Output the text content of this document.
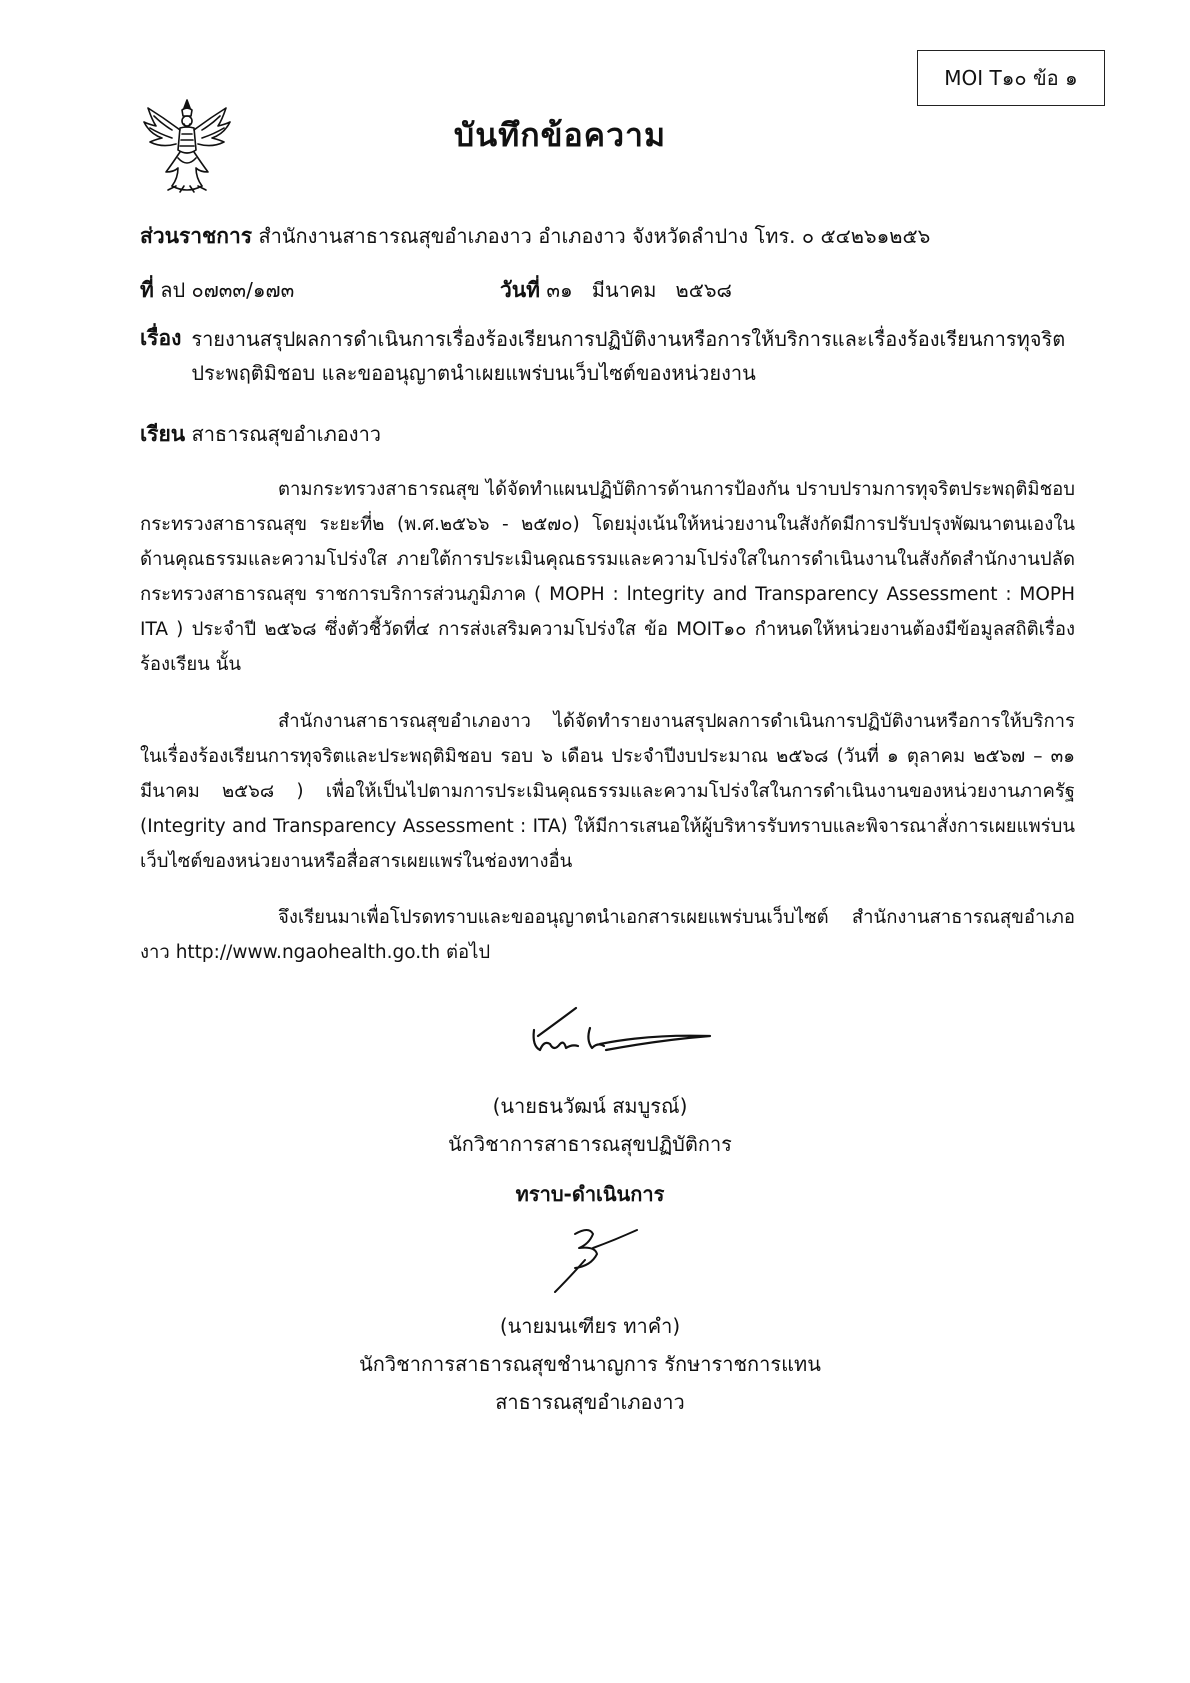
MOI T๑๐ ข้อ ๑
บันทึกข้อความ
ส่วนราชการ สำนักงานสาธารณสุขอำเภองาว อำเภองาว จังหวัดลำปาง โทร. ๐ ๕๔๒๖๑๒๕๖
ที่ ลป ๐๗๓๓/๑๗๓	วันที่ ๓๑   มีนาคม   ๒๕๖๘
เรื่อง รายงานสรุปผลการดำเนินการเรื่องร้องเรียนการปฏิบัติงานหรือการให้บริการและเรื่องร้องเรียนการทุจริตประพฤติมิชอบ และขออนุญาตนำเผยแพร่บนเว็บไซต์ของหน่วยงาน
เรียน สาธารณสุขอำเภองาว

ตามกระทรวงสาธารณสุข ได้จัดทำแผนปฏิบัติการด้านการป้องกัน ปราบปรามการทุจริตประพฤติมิชอบ กระทรวงสาธารณสุข ระยะที่๒ (พ.ศ.๒๕๖๖ - ๒๕๗๐) โดยมุ่งเน้นให้หน่วยงานในสังกัดมีการปรับปรุงพัฒนาตนเองในด้านคุณธรรมและความโปร่งใส ภายใต้การประเมินคุณธรรมและความโปร่งใสในการดำเนินงานในสังกัดสำนักงานปลัดกระทรวงสาธารณสุข ราชการบริการส่วนภูมิภาค ( MOPH : lntegrity and Transparency Assessment : MOPH ITA ) ประจำปี ๒๕๖๘ ซึ่งตัวชี้วัดที่๔ การส่งเสริมความโปร่งใส ข้อ MOIT๑๐ กำหนดให้หน่วยงานต้องมีข้อมูลสถิติเรื่องร้องเรียน นั้น

สำนักงานสาธารณสุขอำเภองาว ได้จัดทำรายงานสรุปผลการดำเนินการปฏิบัติงานหรือการให้บริการในเรื่องร้องเรียนการทุจริตและประพฤติมิชอบ รอบ ๖ เดือน ประจำปีงบประมาณ ๒๕๖๘ (วันที่ ๑ ตุลาคม ๒๕๖๗ – ๓๑ มีนาคม ๒๕๖๘ ) เพื่อให้เป็นไปตามการประเมินคุณธรรมและความโปร่งใสในการดำเนินงานของหน่วยงานภาครัฐ (Integrity and Transparency Assessment : ITA) ให้มีการเสนอให้ผู้บริหารรับทราบและพิจารณาสั่งการเผยแพร่บนเว็บไซต์ของหน่วยงานหรือสื่อสารเผยแพร่ในช่องทางอื่น

จึงเรียนมาเพื่อโปรดทราบและขออนุญาตนำเอกสารเผยแพร่บนเว็บไซต์ สำนักงานสาธารณสุขอำเภองาว http://www.ngaohealth.go.th ต่อไป

(นายธนวัฒน์ สมบูรณ์)
นักวิชาการสาธารณสุขปฏิบัติการ
ทราบ-ดำเนินการ
(นายมนเฑียร ทาคำ)
นักวิชาการสาธารณสุขชำนาญการ รักษาราชการแทน
สาธารณสุขอำเภองาว
